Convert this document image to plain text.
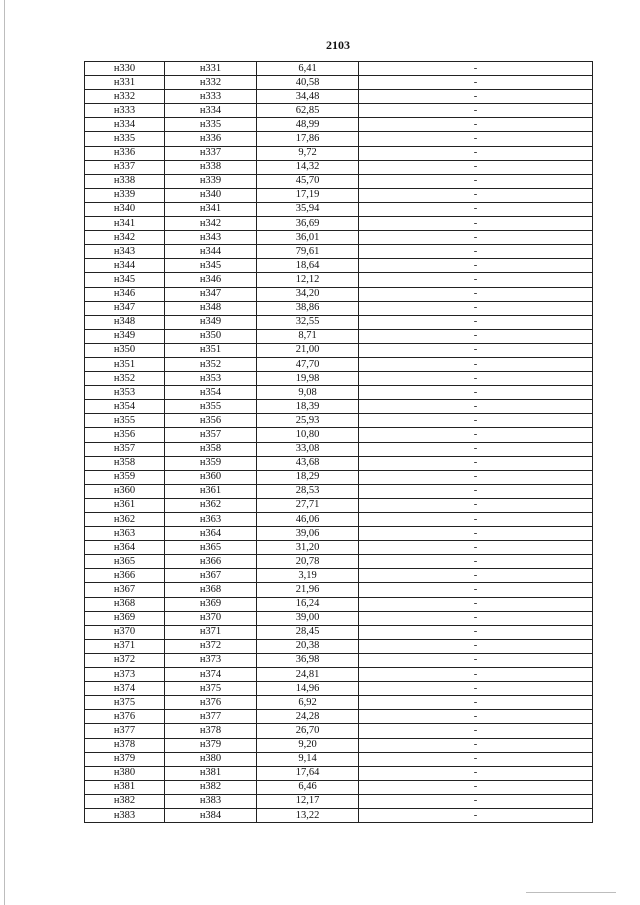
2103
н330	н331	6,41	-
н331	н332	40,58	-
н332	н333	34,48	-
н333	н334	62,85	-
н334	н335	48,99	-
н335	н336	17,86	-
н336	н337	9,72	-
н337	н338	14,32	-
н338	н339	45,70	-
н339	н340	17,19	-
н340	н341	35,94	-
н341	н342	36,69	-
н342	н343	36,01	-
н343	н344	79,61	-
н344	н345	18,64	-
н345	н346	12,12	-
н346	н347	34,20	-
н347	н348	38,86	-
н348	н349	32,55	-
н349	н350	8,71	-
н350	н351	21,00	-
н351	н352	47,70	-
н352	н353	19,98	-
н353	н354	9,08	-
н354	н355	18,39	-
н355	н356	25,93	-
н356	н357	10,80	-
н357	н358	33,08	-
н358	н359	43,68	-
н359	н360	18,29	-
н360	н361	28,53	-
н361	н362	27,71	-
н362	н363	46,06	-
н363	н364	39,06	-
н364	н365	31,20	-
н365	н366	20,78	-
н366	н367	3,19	-
н367	н368	21,96	-
н368	н369	16,24	-
н369	н370	39,00	-
н370	н371	28,45	-
н371	н372	20,38	-
н372	н373	36,98	-
н373	н374	24,81	-
н374	н375	14,96	-
н375	н376	6,92	-
н376	н377	24,28	-
н377	н378	26,70	-
н378	н379	9,20	-
н379	н380	9,14	-
н380	н381	17,64	-
н381	н382	6,46	-
н382	н383	12,17	-
н383	н384	13,22	-
